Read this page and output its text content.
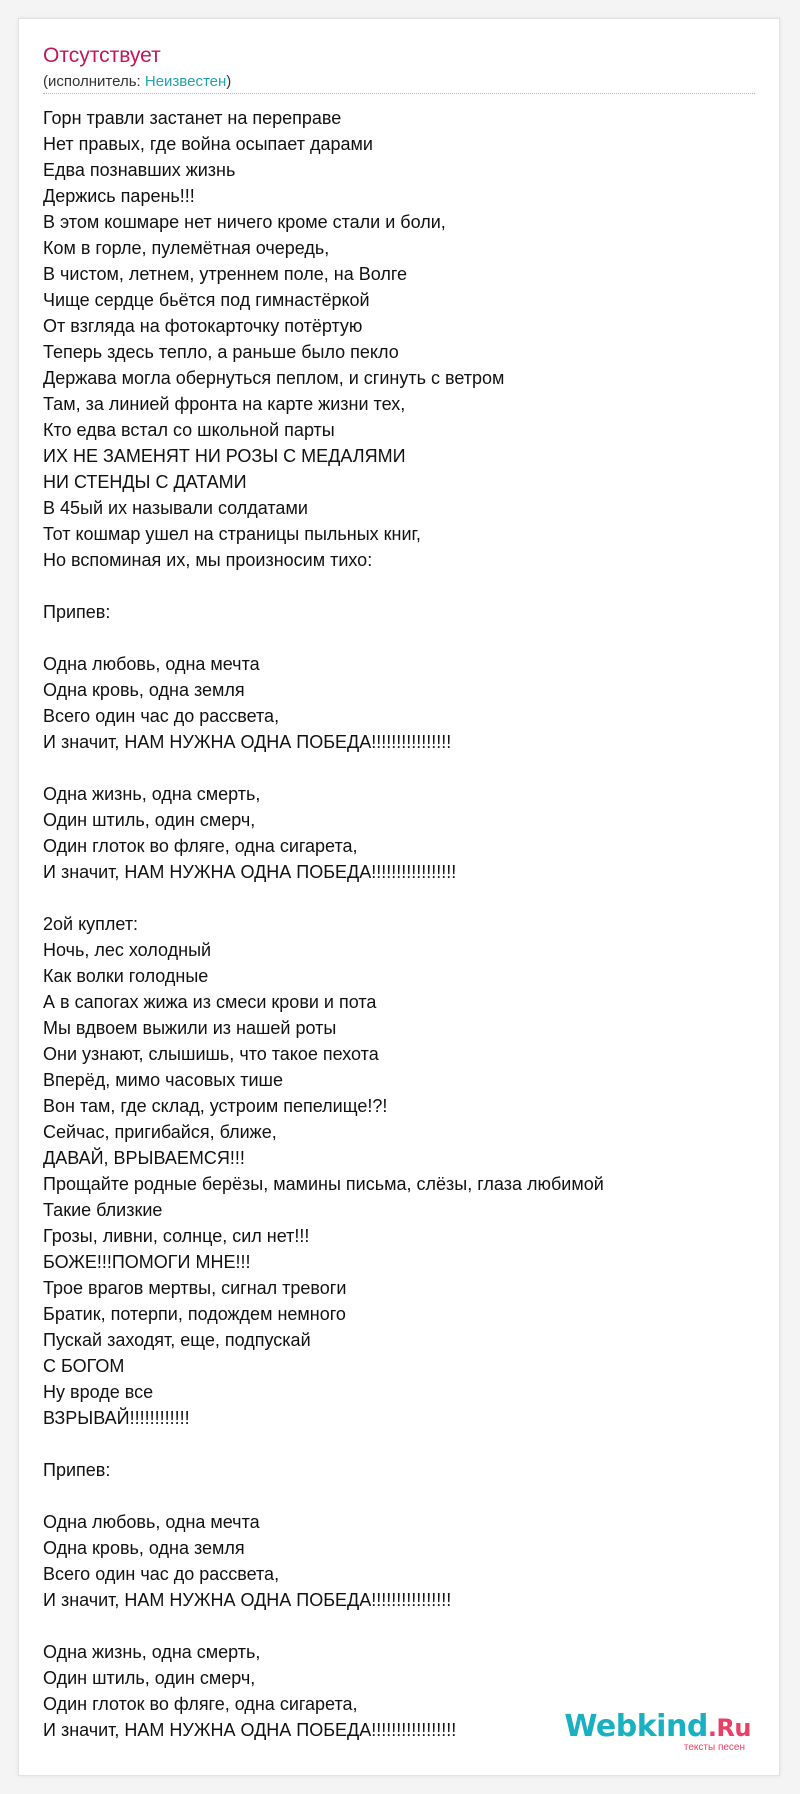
Отсутствует
(исполнитель: Неизвестен)
Горн травли застанет на переправе
Нет правых, где война осыпает дарами
Едва познавших жизнь
Держись парень!!!
В этом кошмаре нет ничего кроме стали и боли,
Ком в горле, пулемётная очередь,
В чистом, летнем, утреннем поле, на Волге
Чище сердце бьётся под гимнастёркой
От взгляда на фотокарточку потёртую
Теперь здесь тепло, а раньше было пекло
Держава могла обернуться пеплом, и сгинуть с ветром
Там, за линией фронта на карте жизни тех,
Кто едва встал со школьной парты
ИХ НЕ ЗАМЕНЯТ НИ РОЗЫ С МЕДАЛЯМИ
НИ СТЕНДЫ С ДАТАМИ
В 45ый их называли солдатами
Тот кошмар ушел на страницы пыльных книг,
Но вспоминая их, мы произносим тихо:

Припев:

Одна любовь, одна мечта
Одна кровь, одна земля
Всего один час до рассвета,
И значит, НАМ НУЖНА ОДНА ПОБЕДА!!!!!!!!!!!!!!!!

Одна жизнь, одна смерть,
Один штиль, один смерч,
Один глоток во фляге, одна сигарета,
И значит, НАМ НУЖНА ОДНА ПОБЕДА!!!!!!!!!!!!!!!!!

2ой куплет:
Ночь, лес холодный
Как волки голодные
А в сапогах жижа из смеси крови и пота
Мы вдвоем выжили из нашей роты
Они узнают, слышишь, что такое пехота
Вперёд, мимо часовых тише
Вон там, где склад, устроим пепелище!?!
Сейчас, пригибайся, ближе,
ДАВАЙ, ВРЫВАЕМСЯ!!!
Прощайте родные берёзы, мамины письма, слёзы, глаза любимой
Такие близкие
Грозы, ливни, солнце, сил нет!!!
БОЖЕ!!!ПОМОГИ МНЕ!!!
Трое врагов мертвы, сигнал тревоги
Братик, потерпи, подождем немного
Пускай заходят, еще, подпускай
С БОГОМ
Ну вроде все
ВЗРЫВАЙ!!!!!!!!!!!!

Припев:

Одна любовь, одна мечта
Одна кровь, одна земля
Всего один час до рассвета,
И значит, НАМ НУЖНА ОДНА ПОБЕДА!!!!!!!!!!!!!!!!

Одна жизнь, одна смерть,
Один штиль, один смерч,
Один глоток во фляге, одна сигарета,
И значит, НАМ НУЖНА ОДНА ПОБЕДА!!!!!!!!!!!!!!!!!	Webkind.Ru
тексты песен
